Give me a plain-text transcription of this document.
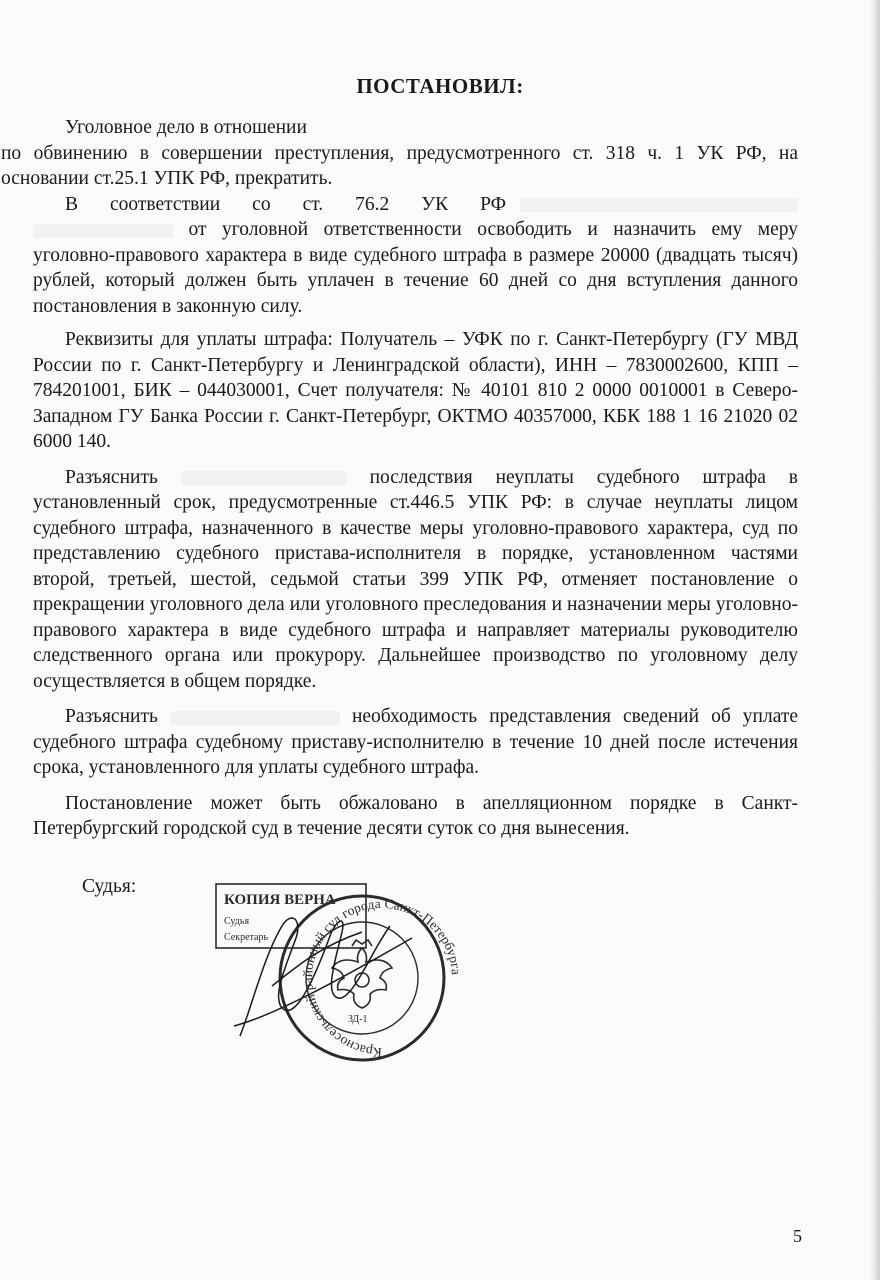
ПОСТАНОВИЛ:

Уголовное дело в отношении
по обвинению в совершении преступления, предусмотренного ст. 318 ч. 1 УК РФ, на основании ст.25.1 УПК РФ, прекратить.

В соответствии со ст. 76.2 УК РФ   от уголовной ответственности освободить и назначить ему меру уголовно-правового характера в виде судебного штрафа в размере 20000 (двадцать тысяч) рублей, который должен быть уплачен в течение 60 дней со дня вступления данного постановления в законную силу.

Реквизиты для уплаты штрафа: Получатель – УФК по г. Санкт-Петербургу (ГУ МВД России по г. Санкт-Петербургу и Ленинградской области), ИНН – 7830002600, КПП – 784201001, БИК – 044030001, Счет получателя: № 40101 810 2 0000 0010001 в Северо-Западном ГУ Банка России г. Санкт-Петербург, ОКТМО 40357000, КБК 188 1 16 21020 02 6000 140.

Разъяснить	последствия неуплаты судебного штрафа в установленный срок, предусмотренные ст.446.5 УПК РФ: в случае неуплаты лицом судебного штрафа, назначенного в качестве меры уголовно-правового характера, суд по представлению судебного пристава-исполнителя в порядке, установленном частями второй, третьей, шестой, седьмой статьи 399 УПК РФ, отменяет постановление о прекращении уголовного дела или уголовного преследования и назначении меры уголовно-правового характера в виде судебного штрафа и направляет материалы руководителю следственного органа или прокурору. Дальнейшее производство по уголовному делу осуществляется в общем порядке.

Разъяснить	необходимость представления сведений об уплате судебного штрафа судебному приставу-исполнителю в течение 10 дней после истечения срока, установленного для уплаты судебного штрафа.

Постановление может быть обжаловано в апелляционном порядке в Санкт-Петербургский городской суд в течение десяти суток со дня вынесения.

Судья:
КОПИЯ ВЕРНА
Судья
Секретарь
Красносельский районный суд города Санкт-Петербурга
ЗД-1
5
